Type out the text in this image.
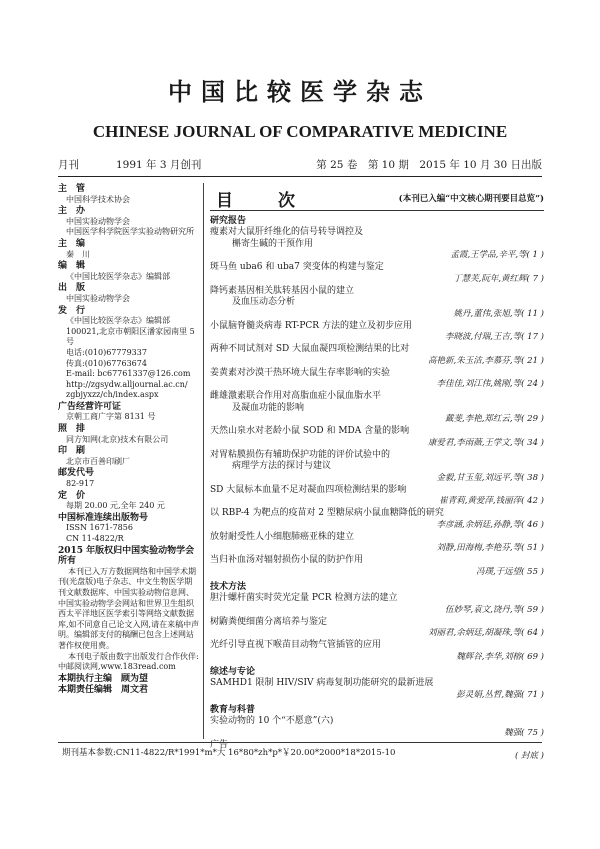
中国比较医学杂志
CHINESE JOURNAL OF COMPARATIVE MEDICINE
月刊	1991 年 3 月创刊	第 25 卷　第 10 期　2015 年 10 月 30 日出版
主　管
中国科学技术协会
主　办
中国实验动物学会
中国医学科学院医学实验动物研究所
主　编
秦　川
编　辑
《中国比较医学杂志》编辑部
出　版
中国实验动物学会
发　行
《中国比较医学杂志》编辑部
100021,北京市朝阳区潘家园南里 5 号
电话:(010)67779337
传真:(010)67763674
E-mail: bc67761337@126.com
http://zgsydw.alljournal.ac.cn/
zgbjyxzz/ch/index.aspx
广告经营许可证
京朝工商广字第 8131 号
照　排
同方知网(北京)技术有限公司
印　刷
北京市百善印刷厂
邮发代号
82-917
定　价
每期 20.00 元,全年 240 元
中国标准连续出版物号
ISSN 1671-7856
CN 11-4822/R
2015 年版权归中国实验动物学会所有
本刊已入万方数据网络和中国学术期刊(光盘版)电子杂志、中文生物医学期刊文献数据库、中国实验动物信息网、中国实验动物学会网站和世界卫生组织西太平洋地区医学索引等网络文献数据库,如不同意自己论文入网,请在来稿中声明。编辑部支付的稿酬已包含上述网站著作权使用费。
本刊电子版由数字出版发行合作伙伴:中邮阅读网,www.183read.com
本期执行主编　顾为望
本期责任编辑　周文君
目　次	(本刊已入编“中文核心期刊要目总览”)
研究报告
瘦素对大鼠肝纤维化的信号转导调控及
槲寄生碱的干预作用
孟霞,王学品,辛平,等( 1 )
斑马鱼 uba6 和 uba7 突变体的构建与鉴定
丁慧芙,阮年,黄红辉( 7 )
降钙素基因相关肽转基因小鼠的建立
及血压动态分析
姚丹,董伟,张旭,等( 11 )
小鼠脑脊髓炎病毒 RT-PCR 方法的建立及初步应用
李晓波,付瑞,王吉,等( 17 )
两种不同试剂对 SD 大鼠血凝四项检测结果的比对
高艳新,朱玉洁,李慕芬,等( 21 )
姜黄素对沙漠干热环境大鼠生存率影响的实验
李佳佳,刘江伟,姚刚,等( 24 )
雌雄激素联合作用对高脂血症小鼠血脂水平
及凝血功能的影响
戴斐,李艳,郑红云,等( 29 )
天然山泉水对老龄小鼠 SOD 和 MDA 含量的影响
康爱君,李雨薇,王学文,等( 34 )
对胃粘膜损伤有辅助保护功能的评价试验中的
病理学方法的探讨与建议
金毅,甘玉玺,刘远平,等( 38 )
SD 大鼠标本血量不足对凝血四项检测结果的影响
崔青莉,黄爱萍,钱丽萍( 42 )
以 RBP-4 为靶点的疫苗对 2 型糖尿病小鼠血糖降低的研究
李彦涵,余炳廷,孙静,等( 46 )
放射耐受性人小细胞肺癌亚株的建立
刘静,田海梅,李艳芬,等( 51 )
当归补血汤对辐射损伤小鼠的防护作用
冯璞,于远望( 55 )
技术方法
胆汁螺杆菌实时荧光定量 PCR 检测方法的建立
伍妙琴,袁文,饶丹,等( 59 )
树鼩粪便细菌分离培养与鉴定
刘丽君,余炳廷,胡凝珠,等( 64 )
光纤引导直视下喉苗目动物气管插管的应用
魏辉谷,李华,刘榕( 69 )
综述与专论
SAMHD1 限制 HIV/SIV 病毒复制功能研究的最新进展
彭灵娟,丛哲,魏强( 71 )
教育与科普
实验动物的 10 个“不愿意”(六)
魏强( 75 )
广告
( 封底 )
期刊基本参数:CN11-4822/R*1991*m*大 16*80*zh*p*￥20.00*2000*18*2015-10
